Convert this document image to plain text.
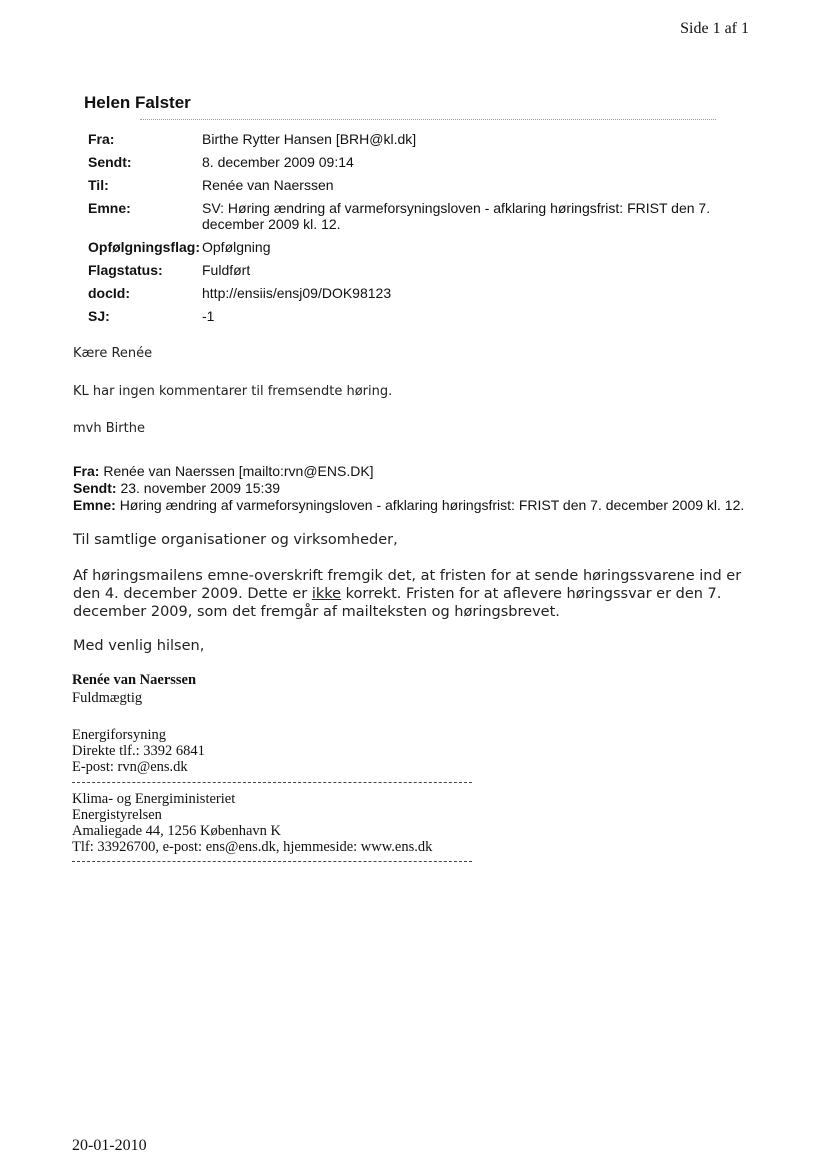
Side 1 af 1
Helen Falster
Fra:	Birthe Rytter Hansen [BRH@kl.dk]
Sendt:	8. december 2009 09:14
Til:	Renée van Naerssen
Emne:	SV: Høring ændring af varmeforsyningsloven - afklaring høringsfrist: FRIST den 7. december 2009 kl. 12.
Opfølgningsflag: Opfølgning
Flagstatus:	Fuldført
docId:	http://ensiis/ensj09/DOK98123
SJ:	-1
Kære Renée
KL har ingen kommentarer til fremsendte høring.
mvh Birthe
Fra: Renée van Naerssen [mailto:rvn@ENS.DK]
Sendt: 23. november 2009 15:39
Emne: Høring ændring af varmeforsyningsloven - afklaring høringsfrist: FRIST den 7. december 2009 kl. 12.
Til samtlige organisationer og virksomheder,
Af høringsmailens emne-overskrift fremgik det, at fristen for at sende høringssvarene ind er den 4. december 2009. Dette er ikke korrekt. Fristen for at aflevere høringssvar er den 7. december 2009, som det fremgår af mailteksten og høringsbrevet.
Med venlig hilsen,
Renée van Naerssen
Fuldmægtig
Energiforsyning
Direkte tlf.: 3392 6841
E-post: rvn@ens.dk
Klima- og Energiministeriet
Energistyrelsen
Amaliegade 44, 1256 København K
Tlf: 33926700, e-post: ens@ens.dk, hjemmeside: www.ens.dk
20-01-2010
